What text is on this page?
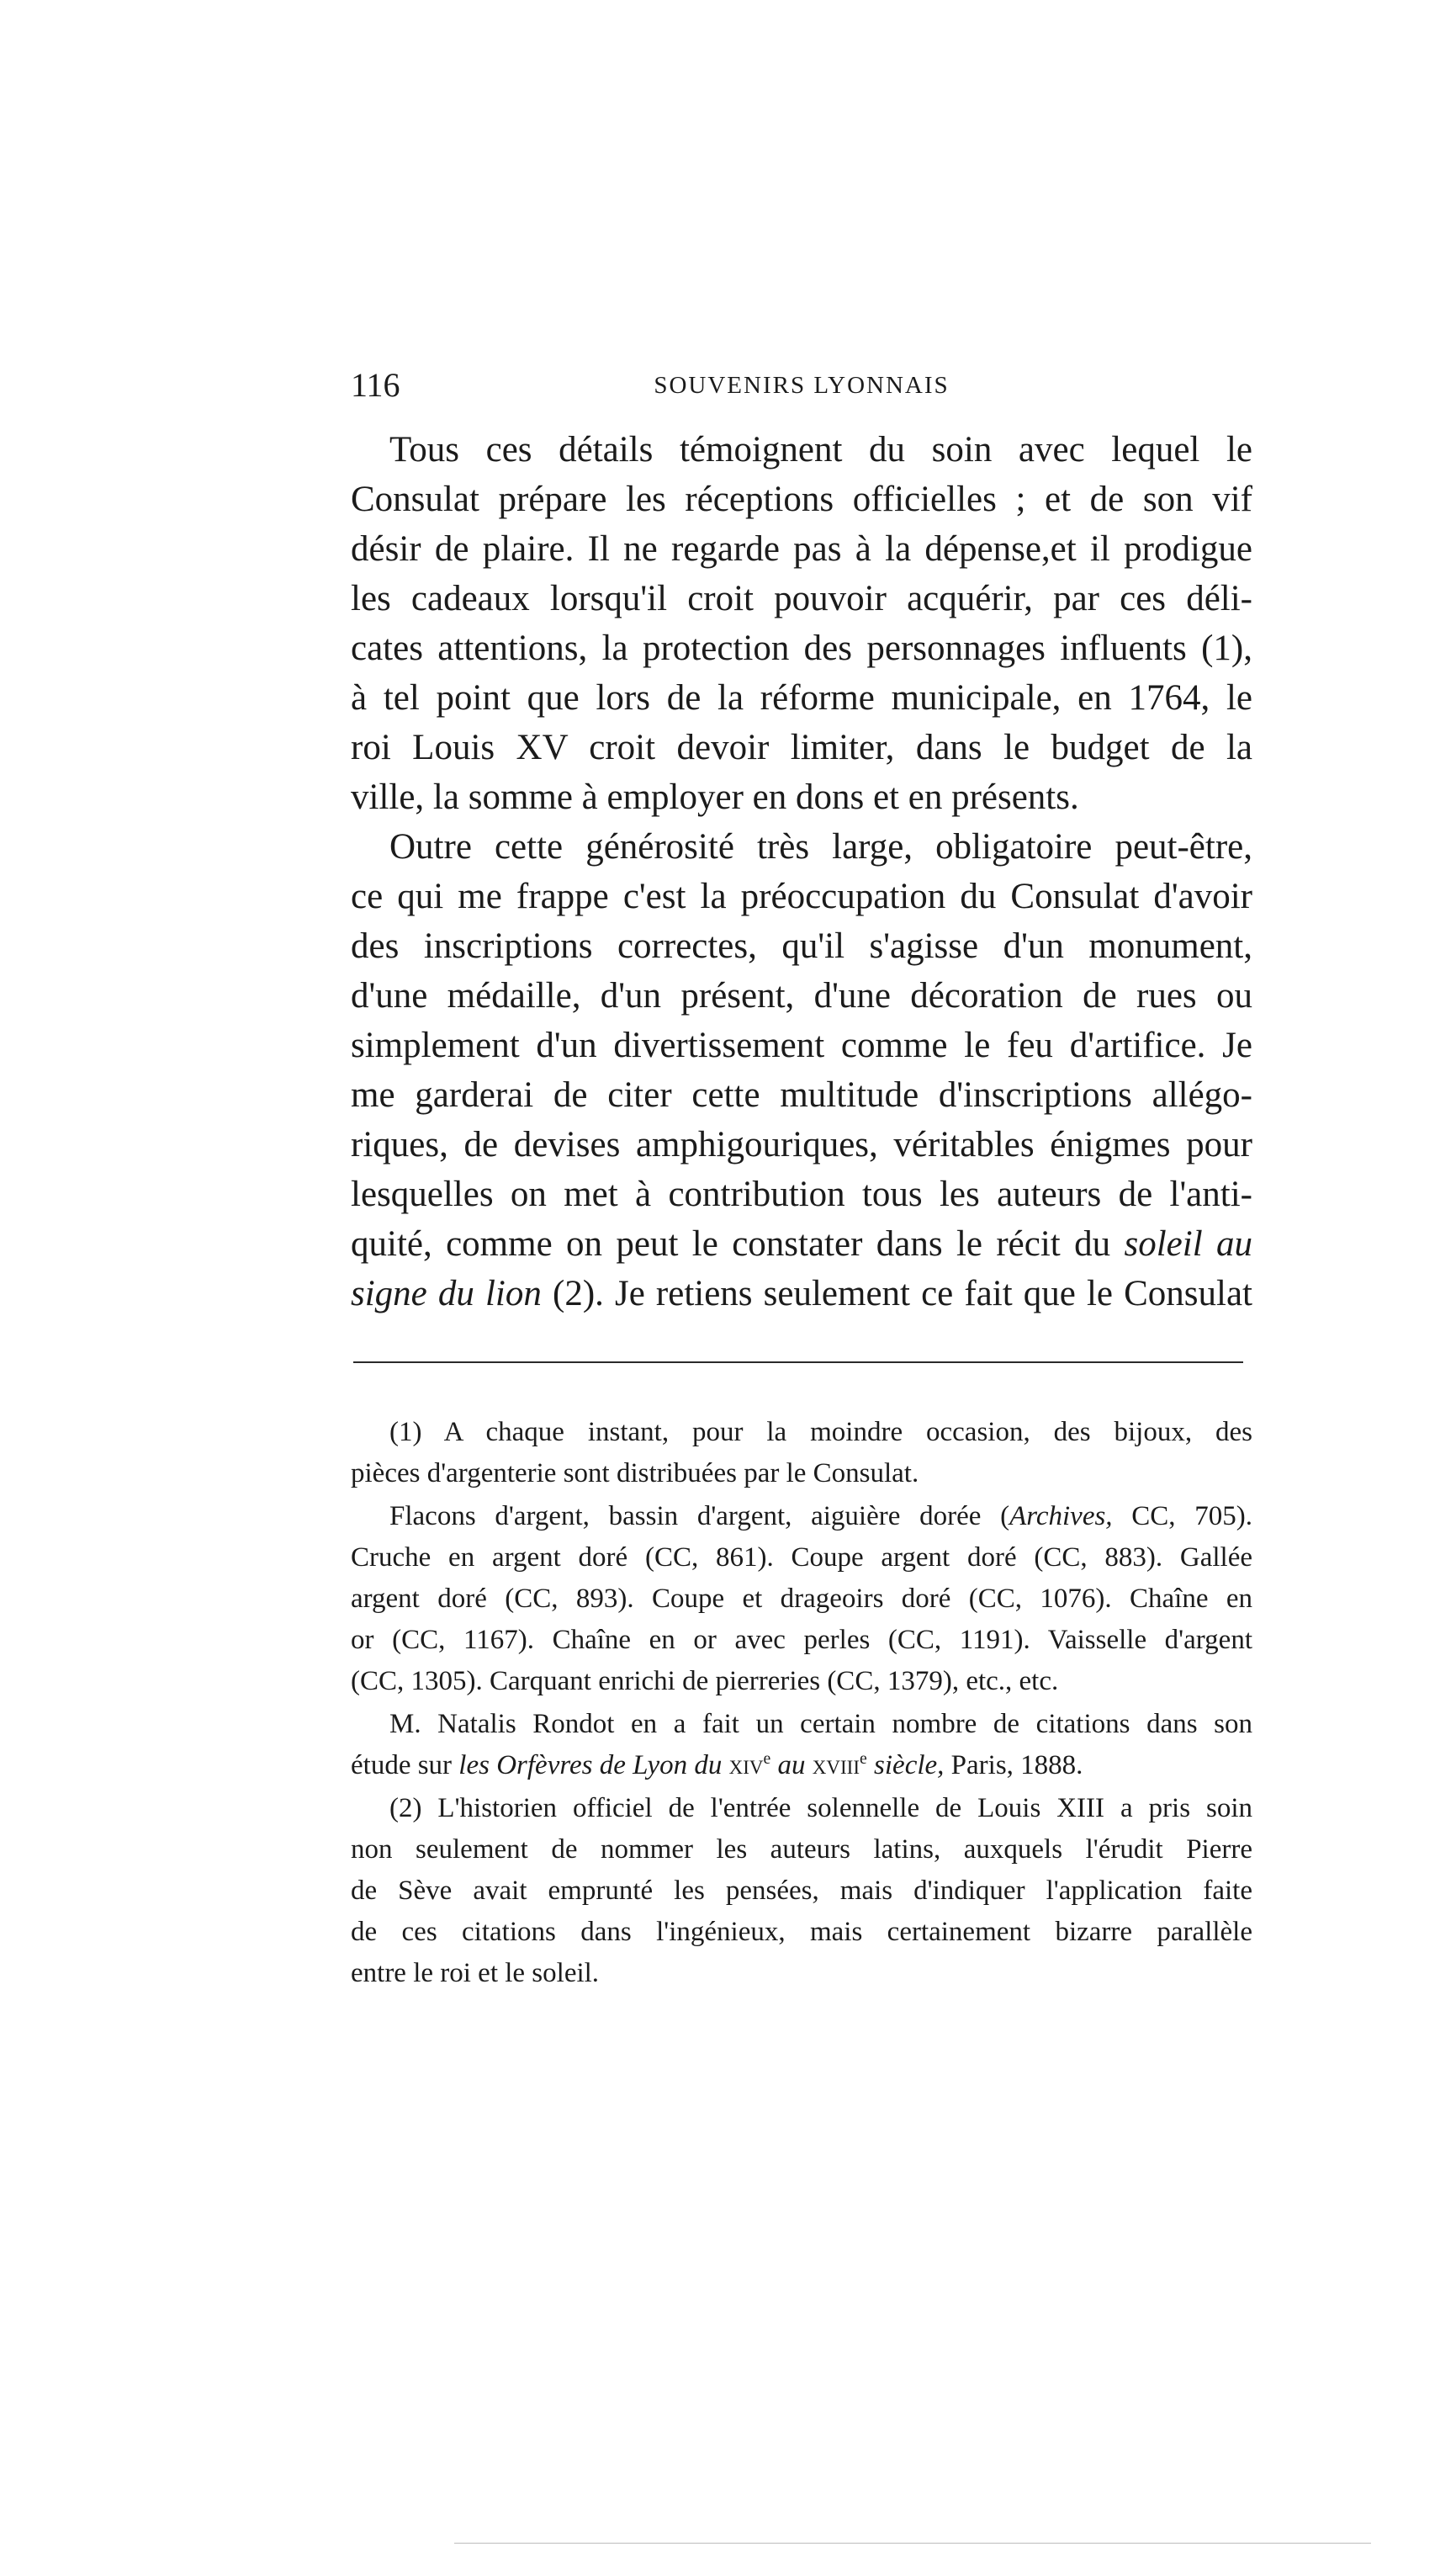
116	SOUVENIRS LYONNAIS

Tous ces détails témoignent du soin avec lequel le
Consulat prépare les réceptions officielles ; et de son vif
désir de plaire. Il ne regarde pas à la dépense,et il prodigue
les cadeaux lorsqu'il croit pouvoir acquérir, par ces déli-
cates attentions, la protection des personnages influents (1),
à tel point que lors de la réforme municipale, en 1764, le
roi Louis XV croit devoir limiter, dans le budget de la
ville, la somme à employer en dons et en présents.

Outre cette générosité très large, obligatoire peut-être,
ce qui me frappe c'est la préoccupation du Consulat d'avoir
des inscriptions correctes, qu'il s'agisse d'un monument,
d'une médaille, d'un présent, d'une décoration de rues ou
simplement d'un divertissement comme le feu d'artifice. Je
me garderai de citer cette multitude d'inscriptions allégo-
riques, de devises amphigouriques, véritables énigmes pour
lesquelles on met à contribution tous les auteurs de l'anti-
quité, comme on peut le constater dans le récit du soleil au
signe du lion (2). Je retiens seulement ce fait que le Consulat

(1) A chaque instant, pour la moindre occasion, des bijoux, des
pièces d'argenterie sont distribuées par le Consulat.
Flacons d'argent, bassin d'argent, aiguière dorée (Archives, CC, 705).
Cruche en argent doré (CC, 861). Coupe argent doré (CC, 883). Gallée
argent doré (CC, 893). Coupe et drageoirs doré (CC, 1076). Chaîne en
or (CC, 1167). Chaîne en or avec perles (CC, 1191). Vaisselle d'argent
(CC, 1305). Carquant enrichi de pierreries (CC, 1379), etc., etc.
M. Natalis Rondot en a fait un certain nombre de citations dans son
étude sur les Orfèvres de Lyon du xiv$^e$ au xviii$^e$ siècle, Paris, 1888.
(2) L'historien officiel de l'entrée solennelle de Louis XIII a pris soin
non seulement de nommer les auteurs latins, auxquels l'érudit Pierre
de Sève avait emprunté les pensées, mais d'indiquer l'application faite
de ces citations dans l'ingénieux, mais certainement bizarre parallèle
entre le roi et le soleil.
